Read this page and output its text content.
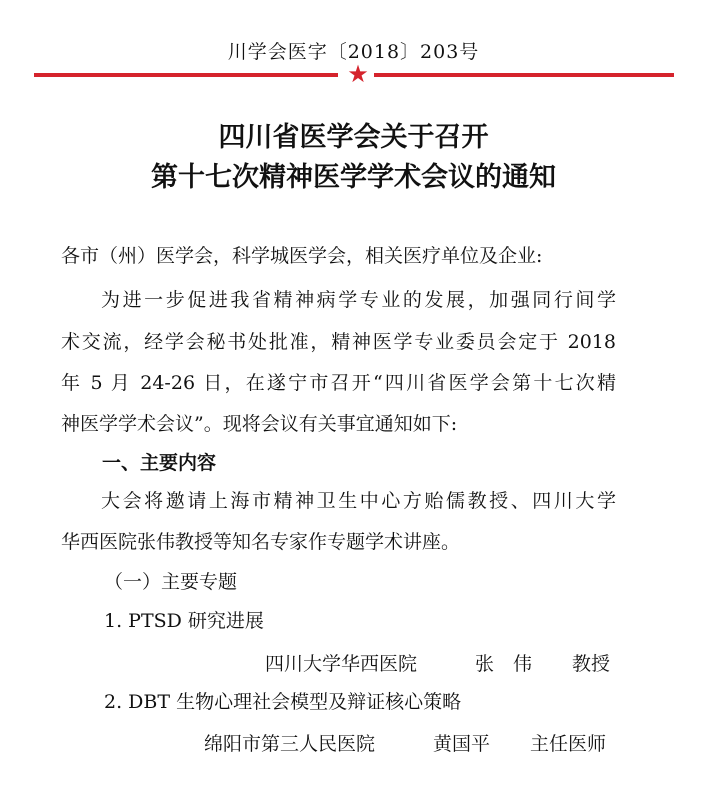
川学会医字〔2018〕203号
★
四川省医学会关于召开
第十七次精神医学学术会议的通知
各市（州）医学会，科学城医学会，相关医疗单位及企业:
为进一步促进我省精神病学专业的发展，加强同行间学
术交流，经学会秘书处批准，精神医学专业委员会定于 2018
年 5 月 24-26 日，在遂宁市召开“四川省医学会第十七次精
神医学学术会议”。现将会议有关事宜通知如下:
一、主要内容
大会将邀请上海市精神卫生中心方贻儒教授、四川大学
华西医院张伟教授等知名专家作专题学术讲座。
（一）主要专题
1. PTSD 研究进展
四川大学华西医院	张　伟 教授
2. DBT 生物心理社会模型及辩证核心策略
绵阳市第三人民医院	黄国平 主任医师
